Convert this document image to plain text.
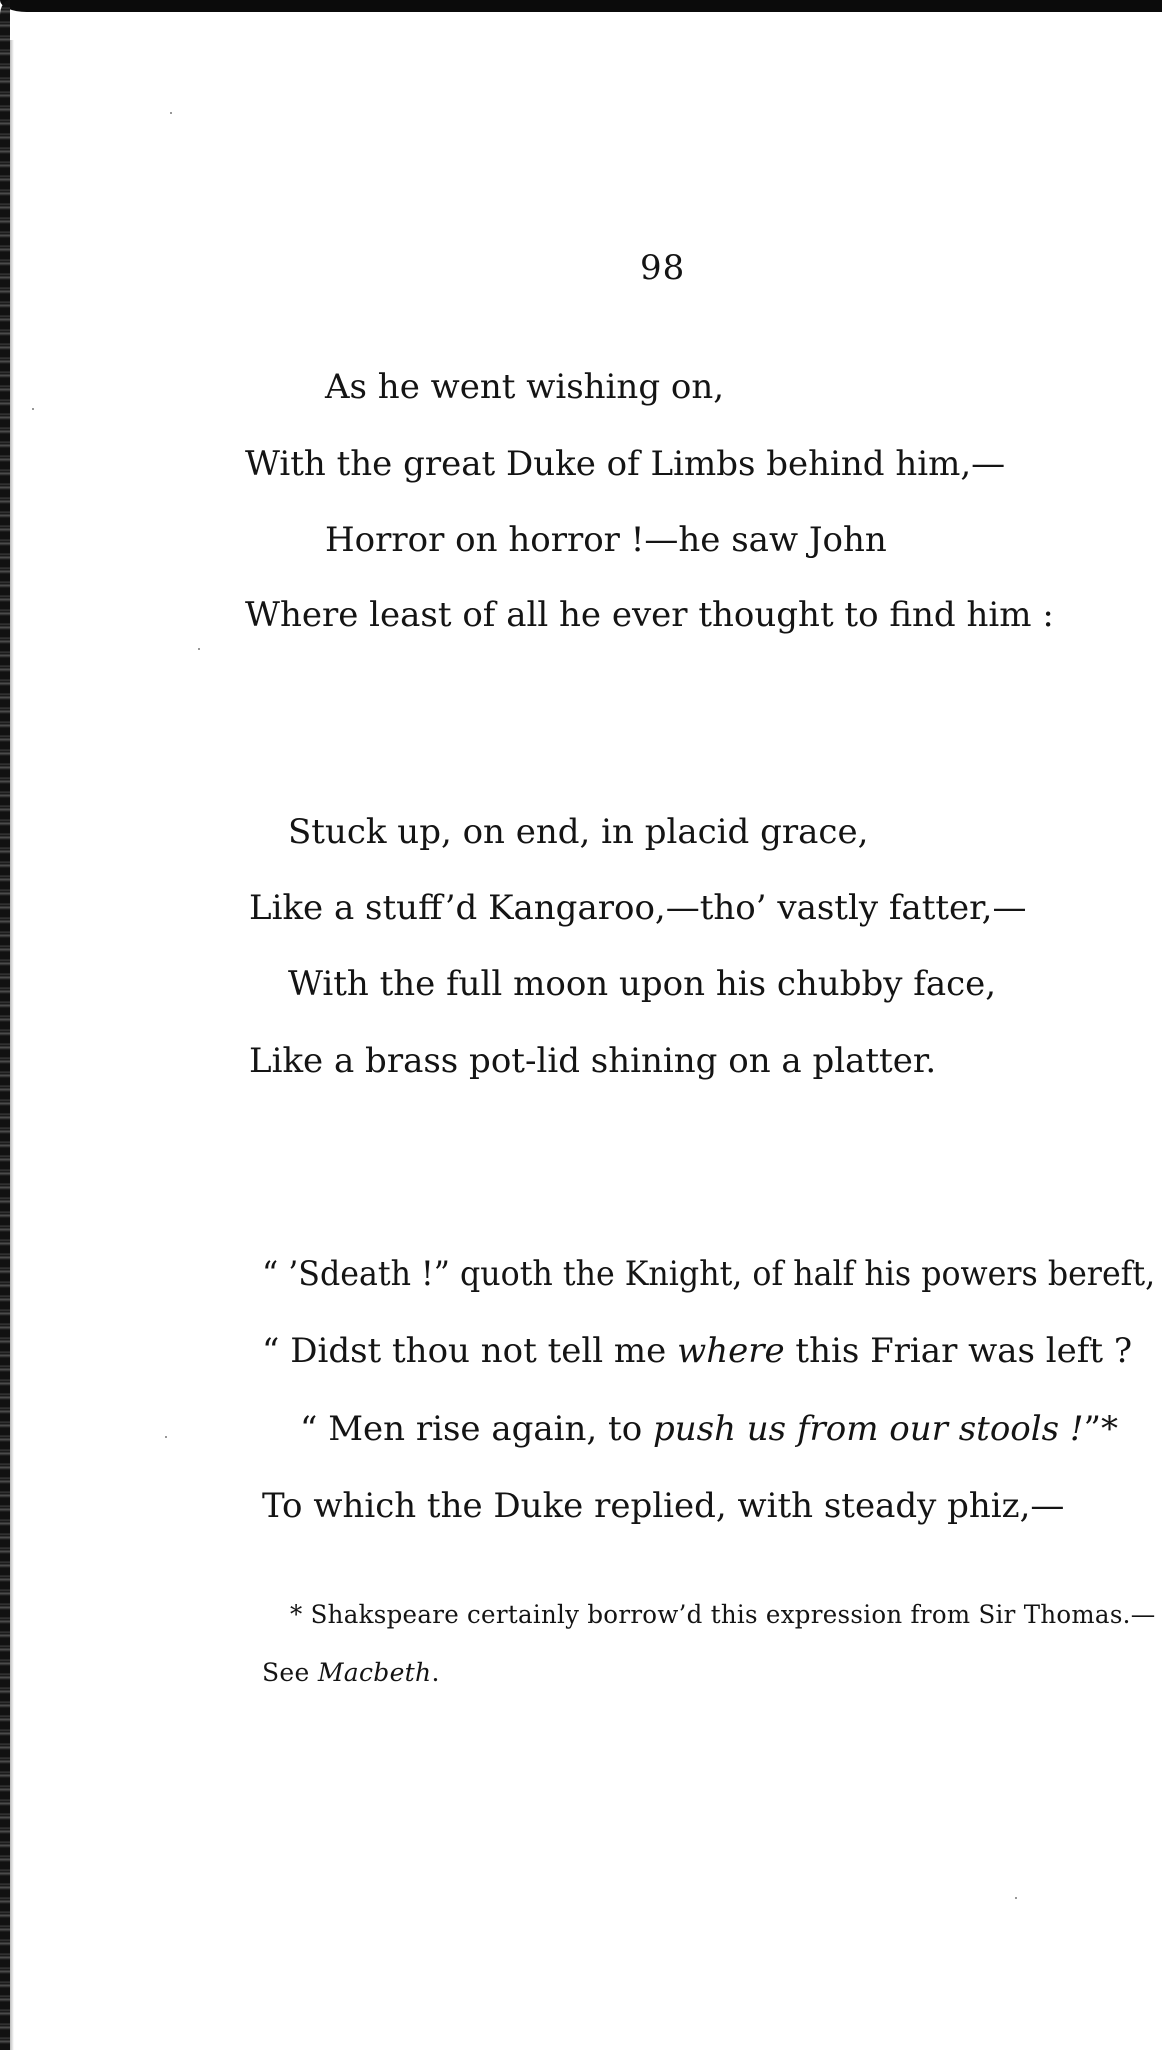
98
As he went wishing on,
With the great Duke of Limbs behind him,—
Horror on horror !—he saw John
Where least of all he ever thought to find him :
Stuck up, on end, in placid grace,
Like a stuff’d Kangaroo,—tho’ vastly fatter,—
With the full moon upon his chubby face,
Like a brass pot-lid shining on a platter.
“ ’Sdeath !” quoth the Knight, of half his powers bereft,
“ Didst thou not tell me where this Friar was left ?
“ Men rise again, to push us from our stools !”*
To which the Duke replied, with steady phiz,—
* Shakspeare certainly borrow’d this expression from Sir Thomas.—
See Macbeth.
